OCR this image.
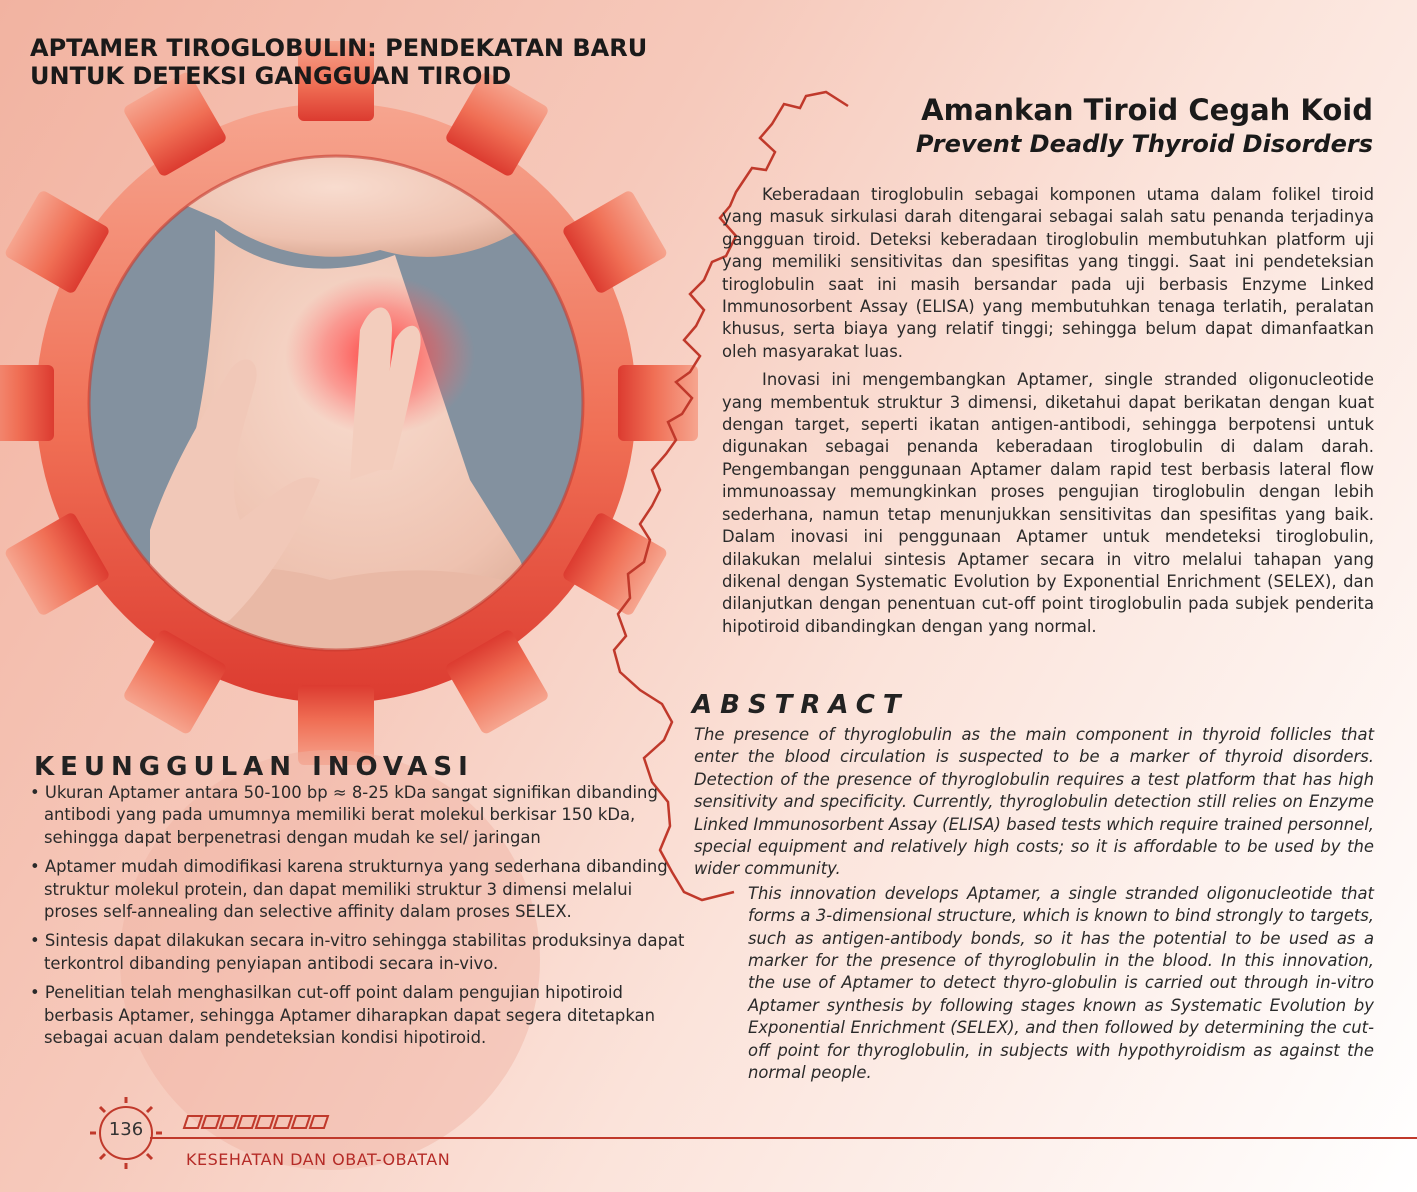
APTAMER TIROGLOBULIN: PENDEKATAN BARU UNTUK DETEKSI GANGGUAN TIROID
Amankan Tiroid Cegah Koid
Prevent Deadly Thyroid Disorders

Keberadaan tiroglobulin sebagai komponen utama dalam folikel tiroid yang masuk sirkulasi darah ditengarai sebagai salah satu penanda terjadinya gangguan tiroid. Deteksi keberadaan tiroglobulin membutuhkan platform uji yang memiliki sensitivitas dan spesifitas yang tinggi. Saat ini pendeteksian tiroglobulin saat ini masih bersandar pada uji berbasis Enzyme Linked Immunosorbent Assay (ELISA) yang membutuhkan tenaga terlatih, peralatan khusus, serta biaya yang relatif tinggi; sehingga belum dapat dimanfaatkan oleh masyarakat luas.

Inovasi ini mengembangkan Aptamer, single stranded oligonucleotide yang membentuk struktur 3 dimensi, diketahui dapat berikatan dengan kuat dengan target, seperti ikatan antigen-antibodi, sehingga berpotensi untuk digunakan sebagai penanda keberadaan tiroglobulin di dalam darah. Pengembangan penggunaan Aptamer dalam rapid test berbasis lateral flow immunoassay memungkinkan proses pengujian tiroglobulin dengan lebih sederhana, namun tetap menunjukkan sensitivitas dan spesifitas yang baik. Dalam inovasi ini penggunaan Aptamer untuk mendeteksi tiroglobulin, dilakukan melalui sintesis Aptamer secara in vitro melalui tahapan yang dikenal dengan Systematic Evolution by Exponential Enrichment (SELEX), dan dilanjutkan dengan penentuan cut-off point tiroglobulin pada subjek penderita hipotiroid dibandingkan dengan yang normal.

ABSTRACT

The presence of thyroglobulin as the main component in thyroid follicles that enter the blood circulation is suspected to be a marker of thyroid disorders. Detection of the presence of thyroglobulin requires a test platform that has high sensitivity and specificity. Currently, thyroglobulin detection still relies on Enzyme Linked Immunosorbent Assay (ELISA) based tests which require trained personnel, special equipment and relatively high costs; so it is affordable to be used by the wider community.

This innovation develops Aptamer, a single stranded oligonucleotide that forms a 3-dimensional structure, which is known to bind strongly to targets, such as antigen-antibody bonds, so it has the potential to be used as a marker for the presence of thyroglobulin in the blood. In this innovation, the use of Aptamer to detect thyro-globulin is carried out through in-vitro Aptamer synthesis by following stages known as Systematic Evolution by Exponential Enrichment (SELEX), and then followed by determining the cut-off point for thyroglobulin, in subjects with hypothyroidism as against the normal people.

KEUNGGULAN INOVASI
• Ukuran Aptamer antara 50-100 bp ≈ 8-25 kDa sangat signifikan dibanding antibodi yang pada umumnya memiliki berat molekul berkisar 150 kDa, sehingga dapat berpenetrasi dengan mudah ke sel/ jaringan
• Aptamer mudah dimodifikasi karena strukturnya yang sederhana dibanding struktur molekul protein, dan dapat memiliki struktur 3 dimensi melalui proses self-annealing dan selective affinity dalam proses SELEX.
• Sintesis dapat dilakukan secara in-vitro sehingga stabilitas produksinya dapat terkontrol dibanding penyiapan antibodi secara in-vivo.
• Penelitian telah menghasilkan cut-off point dalam pengujian hipotiroid berbasis Aptamer, sehingga Aptamer diharapkan dapat segera ditetapkan sebagai acuan dalam pendeteksian kondisi hipotiroid.
136
KESEHATAN DAN OBAT-OBATAN
